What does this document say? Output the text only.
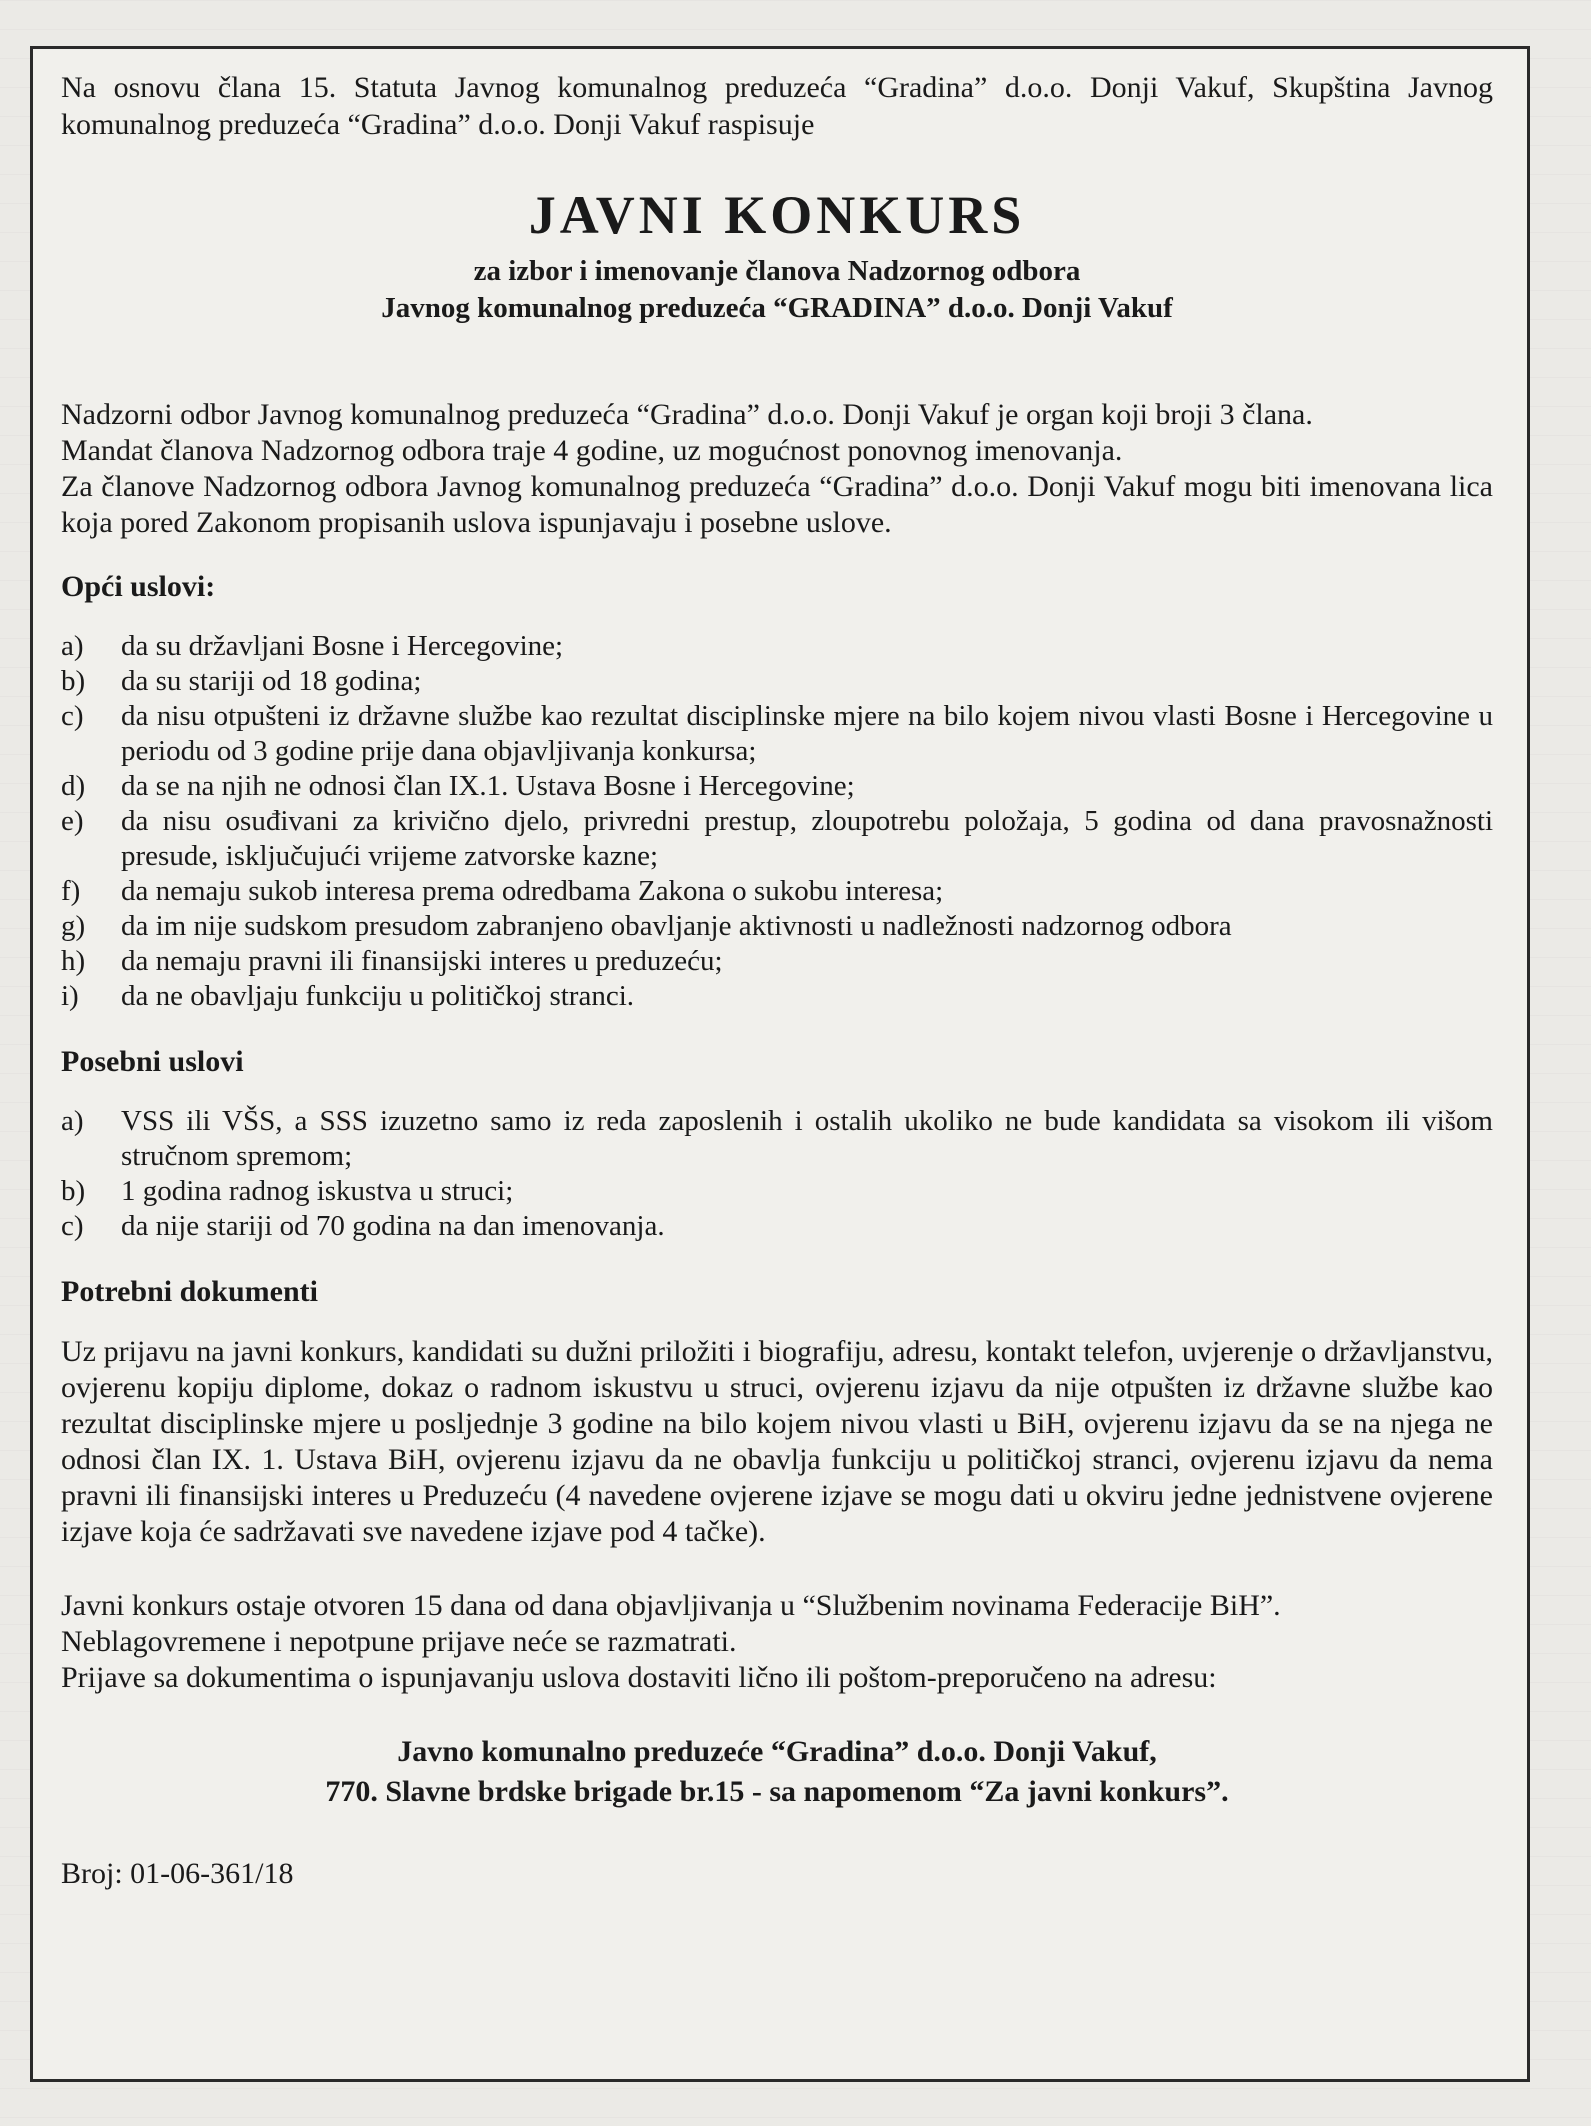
Na osnovu člana 15. Statuta Javnog komunalnog preduzeća “Gradina” d.o.o. Donji Vakuf, Skupština Javnog komunalnog preduzeća “Gradina” d.o.o. Donji Vakuf raspisuje

JAVNI KONKURS
za izbor i imenovanje članova Nadzornog odbora
Javnog komunalnog preduzeća “GRADINA” d.o.o. Donji Vakuf

Nadzorni odbor Javnog komunalnog preduzeća “Gradina” d.o.o. Donji Vakuf je organ koji broji 3 člana.

Mandat članova Nadzornog odbora traje 4 godine, uz mogućnost ponovnog imenovanja.

Za članove Nadzornog odbora Javnog komunalnog preduzeća “Gradina” d.o.o. Donji Vakuf mogu biti imenovana lica koja pored Zakonom propisanih uslova ispunjavaju i posebne uslove.

Opći uslovi:
a)	da su državljani Bosne i Hercegovine;
b)	da su stariji od 18 godina;
c)	da nisu otpušteni iz državne službe kao rezultat disciplinske mjere na bilo kojem nivou vlasti Bosne i Hercegovine u periodu od 3 godine prije dana objavljivanja konkursa;
d)	da se na njih ne odnosi član IX.1. Ustava Bosne i Hercegovine;
e)	da nisu osuđivani za krivično djelo, privredni prestup, zloupotrebu položaja, 5 godina od dana pravosnažnosti presude, isključujući vrijeme zatvorske kazne;
f)	da nemaju sukob interesa prema odredbama Zakona o sukobu interesa;
g)	da im nije sudskom presudom zabranjeno obavljanje aktivnosti u nadležnosti nadzornog odbora
h)	da nemaju pravni ili finansijski interes u preduzeću;
i)	da ne obavljaju funkciju u političkoj stranci.
Posebni uslovi
a)	VSS ili VŠS, a SSS izuzetno samo iz reda zaposlenih i ostalih ukoliko ne bude kandidata sa visokom ili višom stručnom spremom;
b)	1 godina radnog iskustva u struci;
c)	da nije stariji od 70 godina na dan imenovanja.
Potrebni dokumenti

Uz prijavu na javni konkurs, kandidati su dužni priložiti i biografiju, adresu, kontakt telefon, uvjerenje o državljanstvu, ovjerenu kopiju diplome, dokaz o radnom iskustvu u struci, ovjerenu izjavu da nije otpušten iz državne službe kao rezultat disciplinske mjere u posljednje 3 godine na bilo kojem nivou vlasti u BiH, ovjerenu izjavu da se na njega ne odnosi član IX. 1. Ustava BiH, ovjerenu izjavu da ne obavlja funkciju u političkoj stranci, ovjerenu izjavu da nema pravni ili finansijski interes u Preduzeću (4 navedene ovjerene izjave se mogu dati u okviru jedne jednistvene ovjerene izjave koja će sadržavati sve navedene izjave pod 4 tačke).

Javni konkurs ostaje otvoren 15 dana od dana objavljivanja u “Službenim novinama Federacije BiH”.

Neblagovremene i nepotpune prijave neće se razmatrati.

Prijave sa dokumentima o ispunjavanju uslova dostaviti lično ili poštom-preporučeno na adresu:

Javno komunalno preduzeće “Gradina” d.o.o. Donji Vakuf,
770. Slavne brdske brigade br.15 - sa napomenom “Za javni konkurs”.
Broj: 01-06-361/18
